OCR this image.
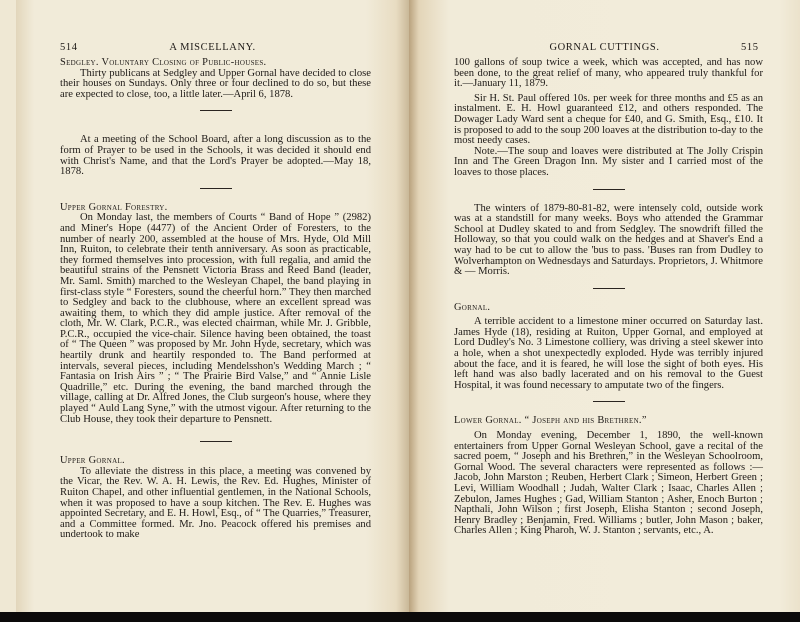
514	A MISCELLANY.

Sedgley. Voluntary Closing of Public-houses.

Thirty publicans at Sedgley and Upper Gornal have decided to close their houses on Sundays. Only three or four declined to do so, but these are expected to close, too, a little later.—April 6, 1878.

At a meeting of the School Board, after a long discussion as to the form of Prayer to be used in the Schools, it was decided it should end with Christ's Name, and that the Lord's Prayer be adopted.—May 18, 1878.

Upper Gornal Forestry.

On Monday last, the members of Courts “ Band of Hope ” (2982) and Miner's Hope (4477) of the Ancient Order of Foresters, to the number of nearly 200, assembled at the house of Mrs. Hyde, Old Mill Inn, Ruiton, to celebrate their tenth anniversary. As soon as practicable, they formed themselves into procession, with full regalia, and amid the beautiful strains of the Pensnett Victoria Brass and Reed Band (leader, Mr. Saml. Smith) marched to the Wesleyan Chapel, the band playing in first-class style “ Foresters, sound the cheerful horn.” They then marched to Sedgley and back to the clubhouse, where an excellent spread was awaiting them, to which they did ample justice. After removal of the cloth, Mr. W. Clark, P.C.R., was elected chairman, while Mr. J. Gribble, P.C.R., occupied the vice-chair. Silence having been obtained, the toast of “ The Queen ” was proposed by Mr. John Hyde, secretary, which was heartily drunk and heartily responded to. The Band performed at intervals, several pieces, including Mendelsshon's Wedding March ; “ Fantasia on Irish Airs ” ; “ The Prairie Bird Valse,” and “ Annie Lisle Quadrille,” etc. During the evening, the band marched through the village, calling at Dr. Alfred Jones, the Club surgeon's house, where they played “ Auld Lang Syne,” with the utmost vigour. After returning to the Club House, they took their departure to Pensnett.

Upper Gornal.

To alleviate the distress in this place, a meeting was convened by the Vicar, the Rev. W. A. H. Lewis, the Rev. Ed. Hughes, Minister of Ruiton Chapel, and other influential gentlemen, in the National Schools, when it was proposed to have a soup kitchen. The Rev. E. Hughes was appointed Secretary, and E. H. Howl, Esq., of “ The Quarries,” Treasurer, and a Committee formed. Mr. Jno. Peacock offered his premises and undertook to make

GORNAL CUTTINGS.	515

100 gallons of soup twice a week, which was accepted, and has now been done, to the great relief of many, who appeared truly thankful for it.—January 11, 1879.

Sir H. St. Paul offered 10s. per week for three months and £5 as an instalment. E. H. Howl guaranteed £12, and others responded. The Dowager Lady Ward sent a cheque for £40, and G. Smith, Esq., £10. It is proposed to add to the soup 200 loaves at the distribution to-day to the most needy cases.

Note.—The soup and loaves were distributed at The Jolly Crispin Inn and The Green Dragon Inn. My sister and I carried most of the loaves to those places.

The winters of 1879-80-81-82, were intensely cold, outside work was at a standstill for many weeks. Boys who attended the Grammar School at Dudley skated to and from Sedgley. The snowdrift filled the Holloway, so that you could walk on the hedges and at Shaver's End a way had to be cut to allow the 'bus to pass. 'Buses ran from Dudley to Wolverhampton on Wednesdays and Saturdays. Proprietors, J. Whitmore & — Morris.

Gornal.

A terrible accident to a limestone miner occurred on Saturday last. James Hyde (18), residing at Ruiton, Upper Gornal, and employed at Lord Dudley's No. 3 Limestone colliery, was driving a steel skewer into a hole, when a shot unexpectedly exploded. Hyde was terribly injured about the face, and it is feared, he will lose the sight of both eyes. His left hand was also badly lacerated and on his removal to the Guest Hospital, it was found necessary to amputate two of the fingers.

Lower Gornal. “ Joseph and his Brethren.”

On Monday evening, December 1, 1890, the well-known entertainers from Upper Gornal Wesleyan School, gave a recital of the sacred poem, “ Joseph and his Brethren,” in the Wesleyan Schoolroom, Gornal Wood. The several characters were represented as follows :—Jacob, John Marston ; Reuben, Herbert Clark ; Simeon, Herbert Green ; Levi, William Woodhall ; Judah, Walter Clark ; Isaac, Charles Allen ; Zebulon, James Hughes ; Gad, William Stanton ; Asher, Enoch Burton ; Napthali, John Wilson ; first Joseph, Elisha Stanton ; second Joseph, Henry Bradley ; Benjamin, Fred. Williams ; butler, John Mason ; baker, Charles Allen ; King Pharoh, W. J. Stanton ; servants, etc., A.
